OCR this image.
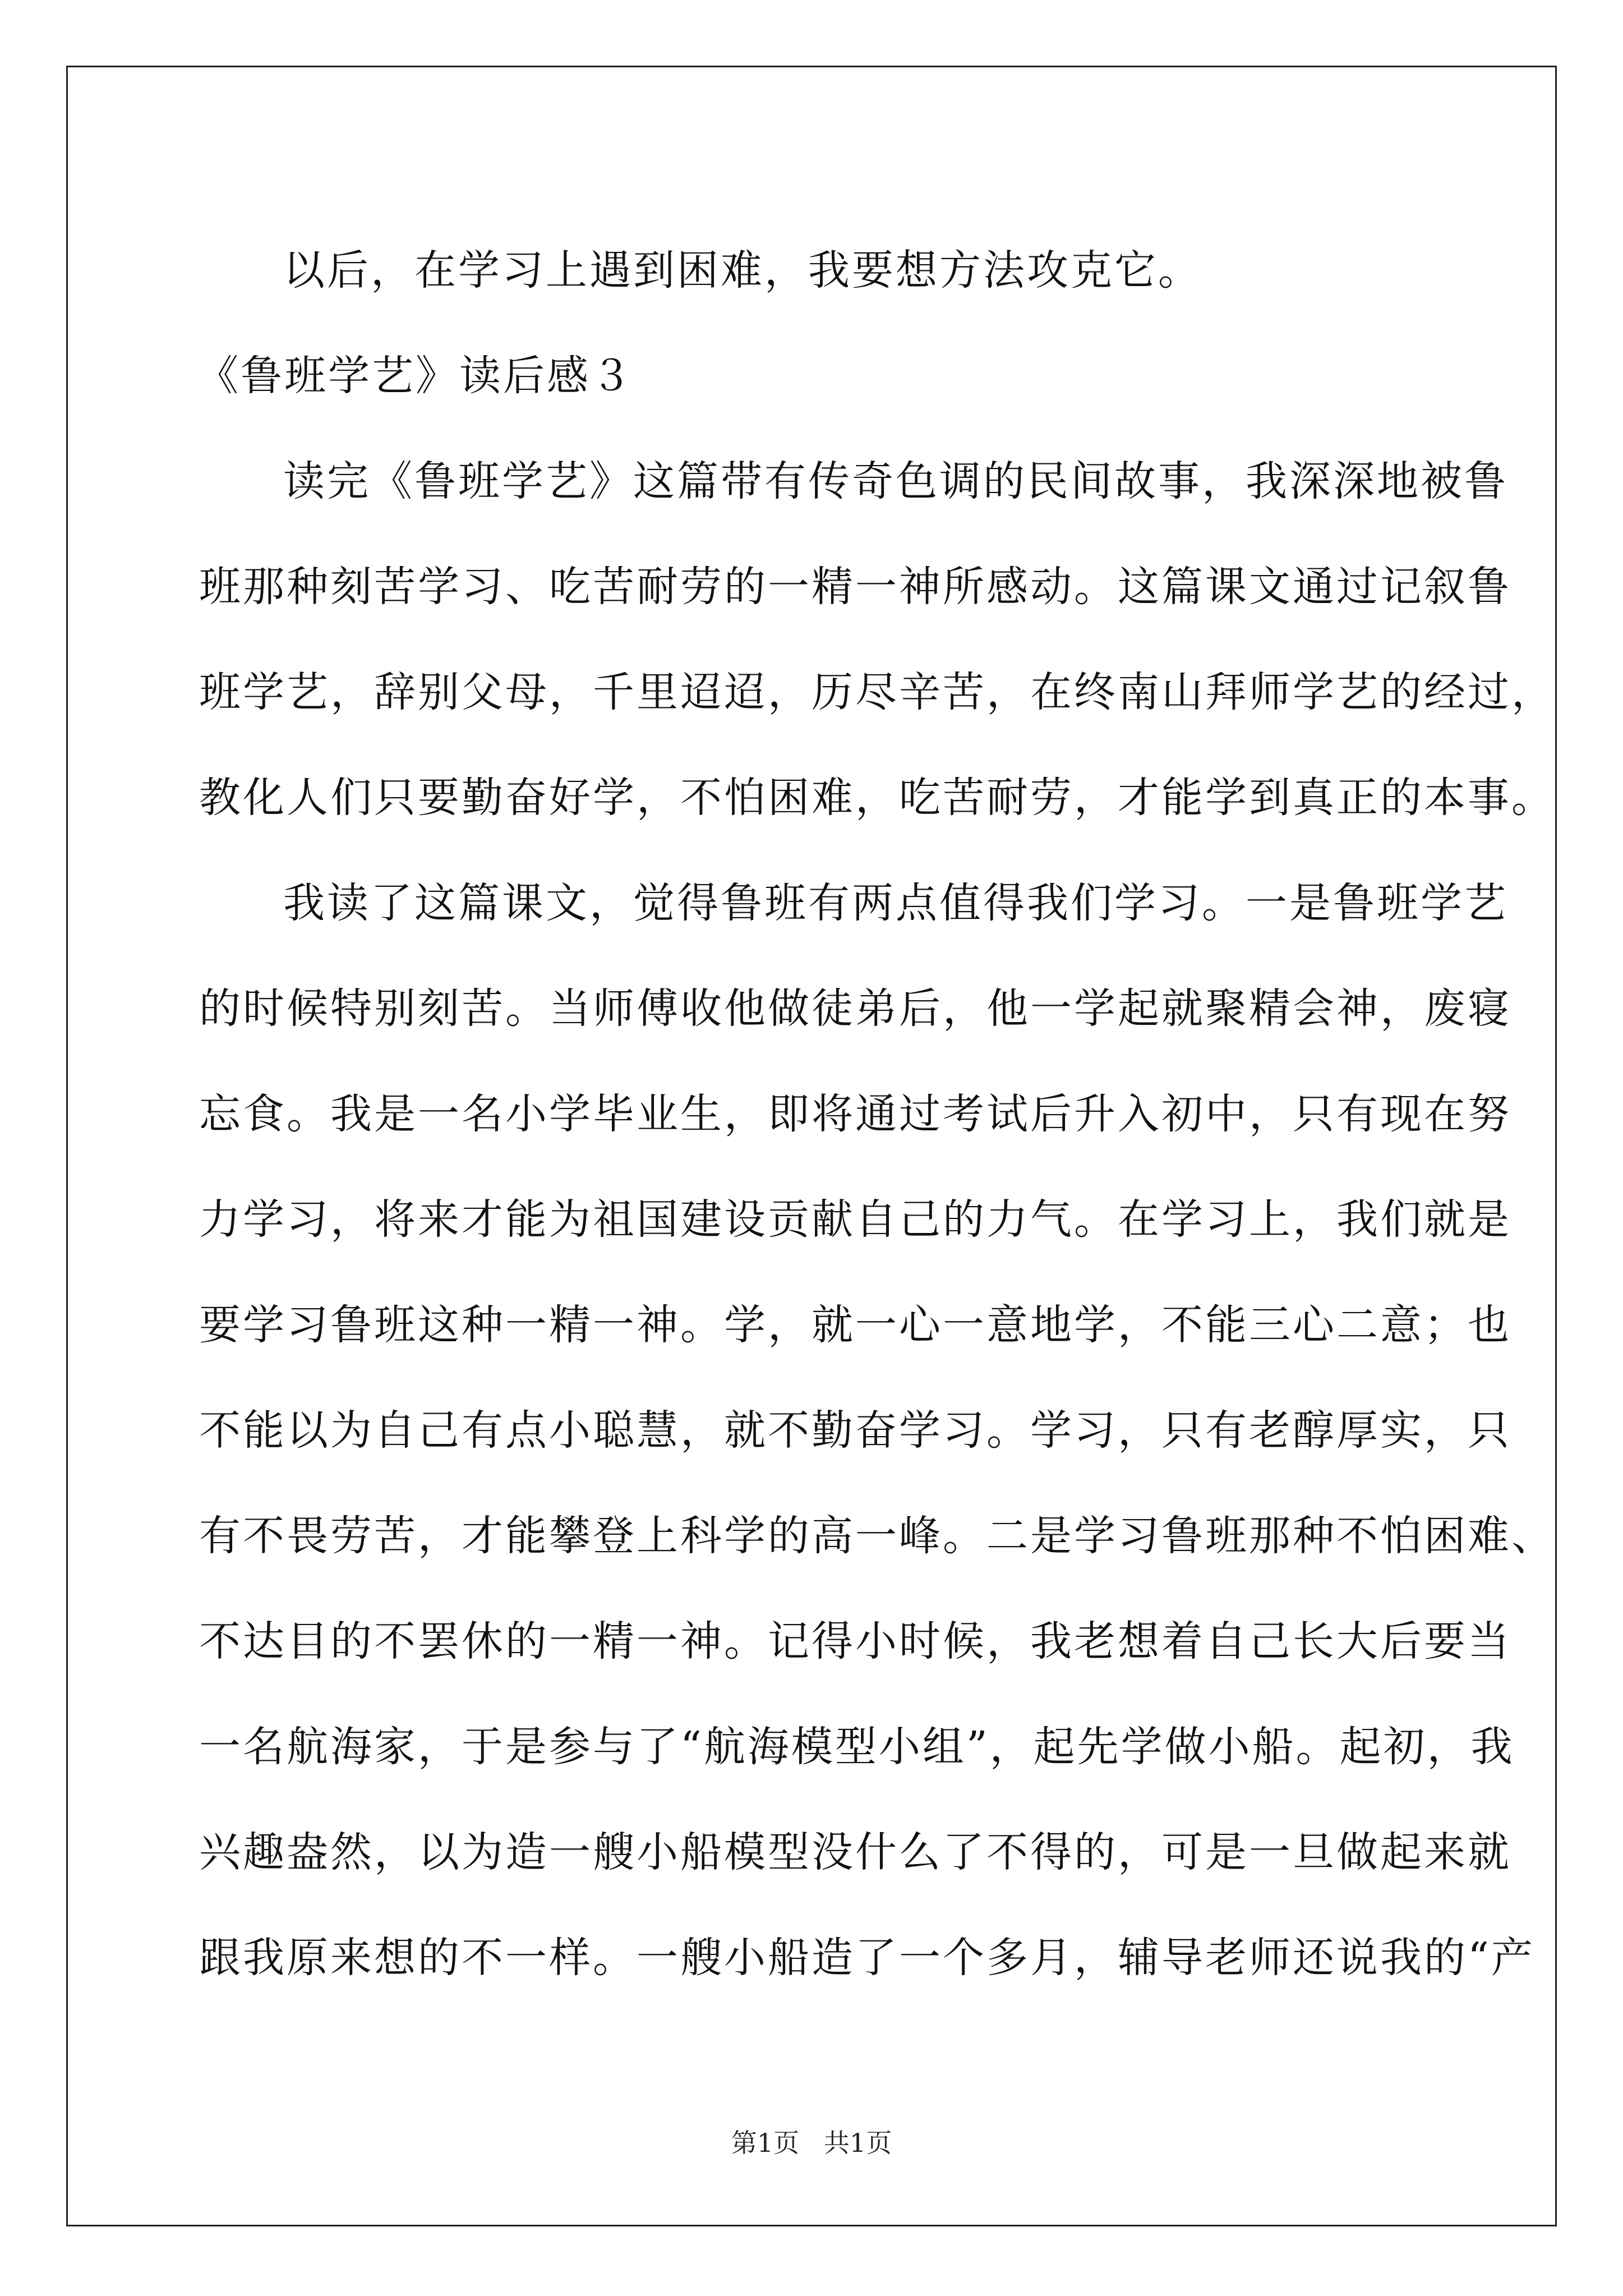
以后，在学习上遇到困难，我要想方法攻克它。
《鲁班学艺》读后感３
读完《鲁班学艺》这篇带有传奇色调的民间故事，我深深地被鲁
班那种刻苦学习、吃苦耐劳的一精一神所感动。这篇课文通过记叙鲁
班学艺，辞别父母，千里迢迢，历尽辛苦，在终南山拜师学艺的经过，
教化人们只要勤奋好学，不怕困难，吃苦耐劳，才能学到真正的本事。
我读了这篇课文，觉得鲁班有两点值得我们学习。一是鲁班学艺
的时候特别刻苦。当师傅收他做徒弟后，他一学起就聚精会神，废寝
忘食。我是一名小学毕业生，即将通过考试后升入初中，只有现在努
力学习，将来才能为祖国建设贡献自己的力气。在学习上，我们就是
要学习鲁班这种一精一神。学，就一心一意地学，不能三心二意；也
不能以为自己有点小聪慧，就不勤奋学习。学习，只有老醇厚实，只
有不畏劳苦，才能攀登上科学的高一峰。二是学习鲁班那种不怕困难、
不达目的不罢休的一精一神。记得小时候，我老想着自己长大后要当
一名航海家，于是参与了“航海模型小组”，起先学做小船。起初，我
兴趣盎然，以为造一艘小船模型没什么了不得的，可是一旦做起来就
跟我原来想的不一样。一艘小船造了一个多月，辅导老师还说我的“产
第1页   共1页
